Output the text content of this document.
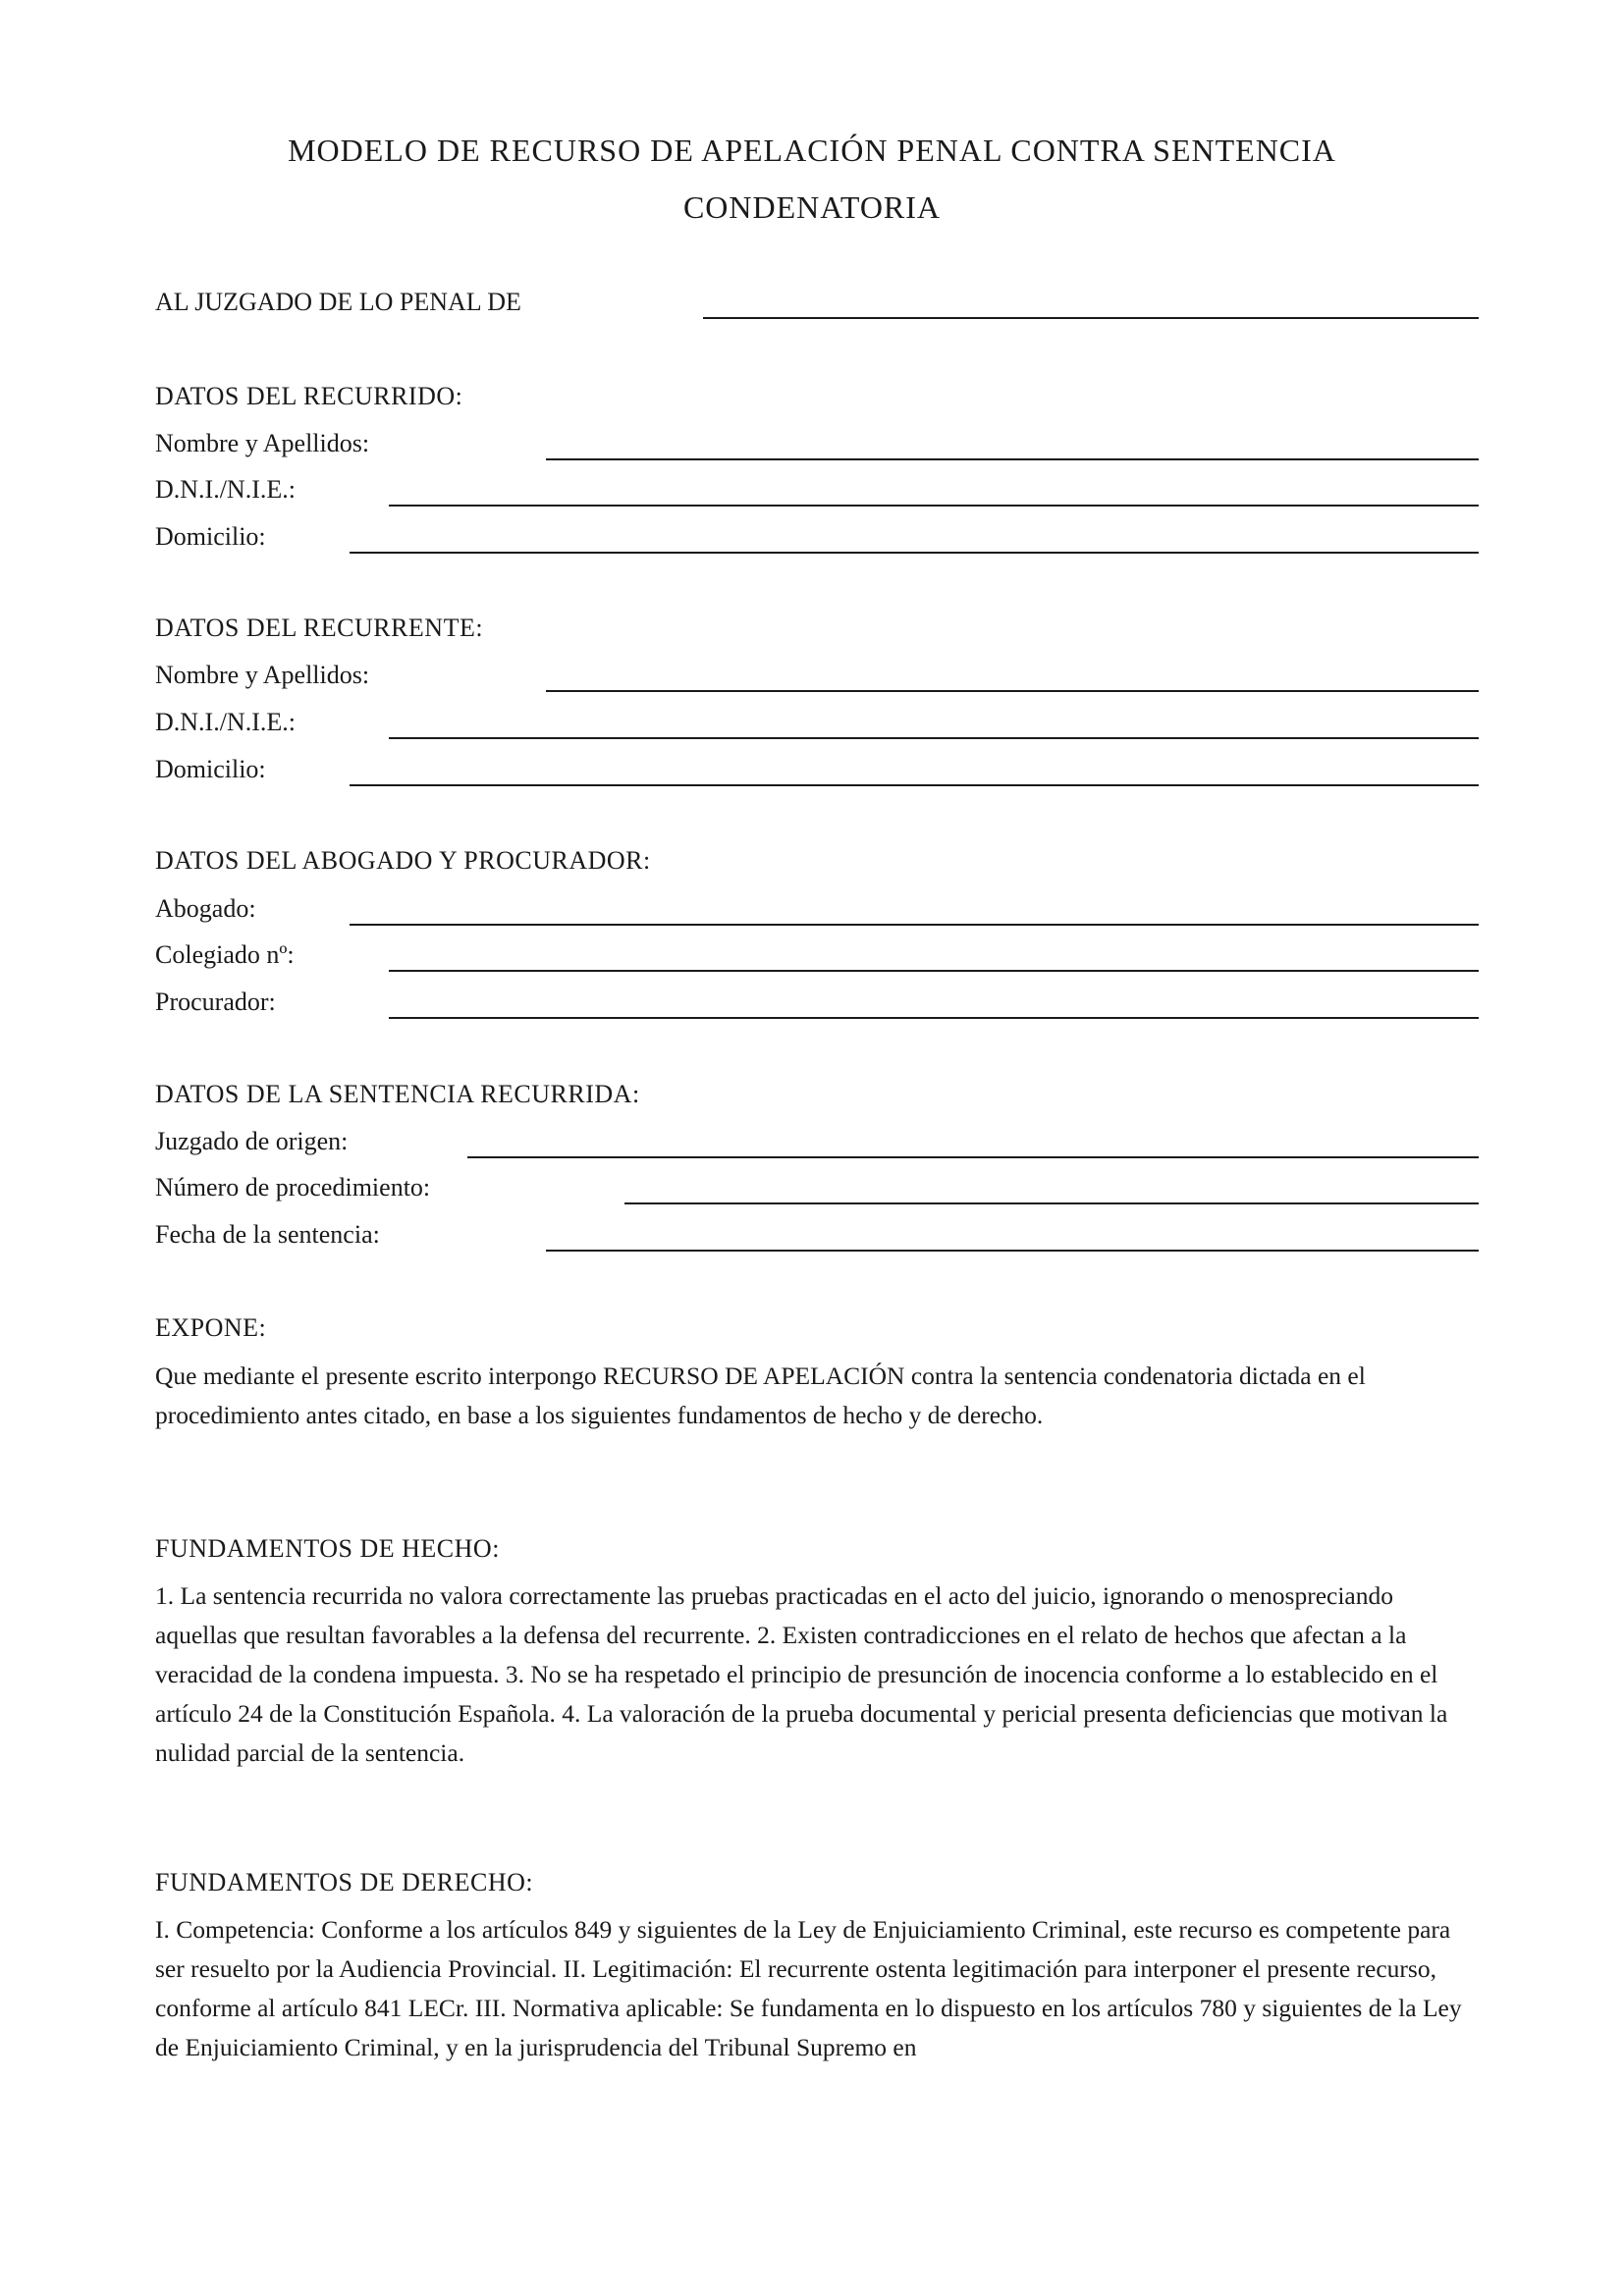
MODELO DE RECURSO DE APELACIÓN PENAL CONTRA SENTENCIA
CONDENATORIA
AL JUZGADO DE LO PENAL DE
DATOS DEL RECURRIDO:
Nombre y Apellidos:
D.N.I./N.I.E.:
Domicilio:
DATOS DEL RECURRENTE:
Nombre y Apellidos:
D.N.I./N.I.E.:
Domicilio:
DATOS DEL ABOGADO Y PROCURADOR:
Abogado:
Colegiado nº:
Procurador:
DATOS DE LA SENTENCIA RECURRIDA:
Juzgado de origen:
Número de procedimiento:
Fecha de la sentencia:
EXPONE:
Que mediante el presente escrito interpongo RECURSO DE APELACIÓN contra la sentencia condenatoria dictada en el procedimiento antes citado, en base a los siguientes fundamentos de hecho y de derecho.
FUNDAMENTOS DE HECHO:
1. La sentencia recurrida no valora correctamente las pruebas practicadas en el acto del juicio, ignorando o menospreciando aquellas que resultan favorables a la defensa del recurrente. 2. Existen contradicciones en el relato de hechos que afectan a la veracidad de la condena impuesta. 3. No se ha respetado el principio de presunción de inocencia conforme a lo establecido en el artículo 24 de la Constitución Española. 4. La valoración de la prueba documental y pericial presenta deficiencias que motivan la nulidad parcial de la sentencia.
FUNDAMENTOS DE DERECHO:
I. Competencia: Conforme a los artículos 849 y siguientes de la Ley de Enjuiciamiento Criminal, este recurso es competente para ser resuelto por la Audiencia Provincial. II. Legitimación: El recurrente ostenta legitimación para interponer el presente recurso, conforme al artículo 841 LECr. III. Normativa aplicable: Se fundamenta en lo dispuesto en los artículos 780 y siguientes de la Ley de Enjuiciamiento Criminal, y en la jurisprudencia del Tribunal Supremo en
